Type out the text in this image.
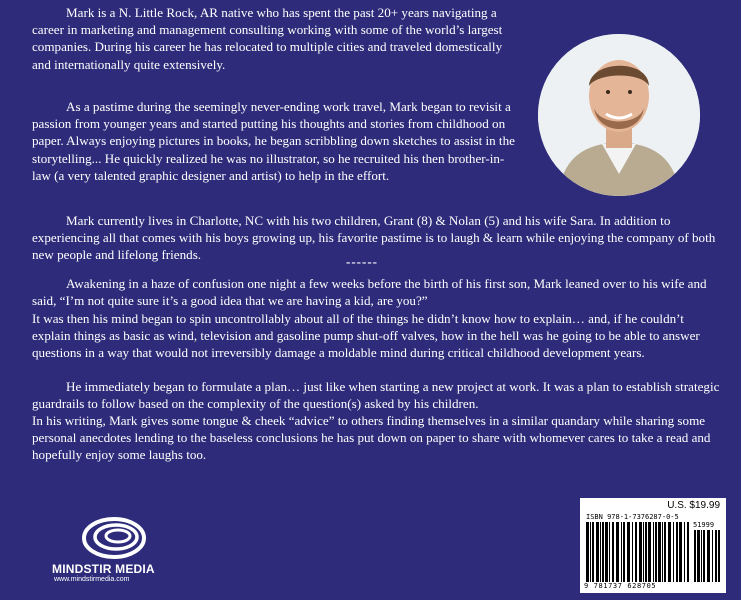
Mark is a N. Little Rock, AR native who has spent the past 20+ years navigating a career in marketing and management consulting working with some of the world’s largest companies. During his career he has relocated to multiple cities and traveled domestically and internationally quite extensively.

As a pastime during the seemingly never-ending work travel, Mark began to revisit a passion from younger years and started putting his thoughts and stories from childhood on paper. Always enjoying pictures in books, he began scribbling down sketches to assist in the storytelling... He quickly realized he was no illustrator, so he recruited his then brother-in-law (a very talented graphic designer and artist) to help in the effort.

Mark currently lives in Charlotte, NC with his two children, Grant (8) & Nolan (5) and his wife Sara. In addition to experiencing all that comes with his boys growing up, his favorite pastime is to laugh & learn while enjoying the company of both new people and lifelong friends.	------

Awakening in a haze of confusion one night a few weeks before the birth of his first son, Mark leaned over to his wife and said, “I’m not quite sure it’s a good idea that we are having a kid, are you?”

It was then his mind began to spin uncontrollably about all of the things he didn’t know how to explain… and, if he couldn’t explain things as basic as wind, television and gasoline pump shut-off valves, how in the hell was he going to be able to answer questions in a way that would not irreversibly damage a moldable mind during critical childhood development years.

He immediately began to formulate a plan… just like when starting a new project at work. It was a plan to establish strategic guardrails to follow based on the complexity of the question(s) asked by his children.

In his writing, Mark gives some tongue & cheek “advice” to others finding themselves in a similar quandary while sharing some personal anecdotes lending to the baseless conclusions he has put down on paper to share with whomever cares to take a read and hopefully enjoy some laughs too.

MINDSTIR MEDIA
www.mindstirmedia.com
U.S. $19.99
ISBN 978-1-7376287-0-5
51999
9 781737 628705
